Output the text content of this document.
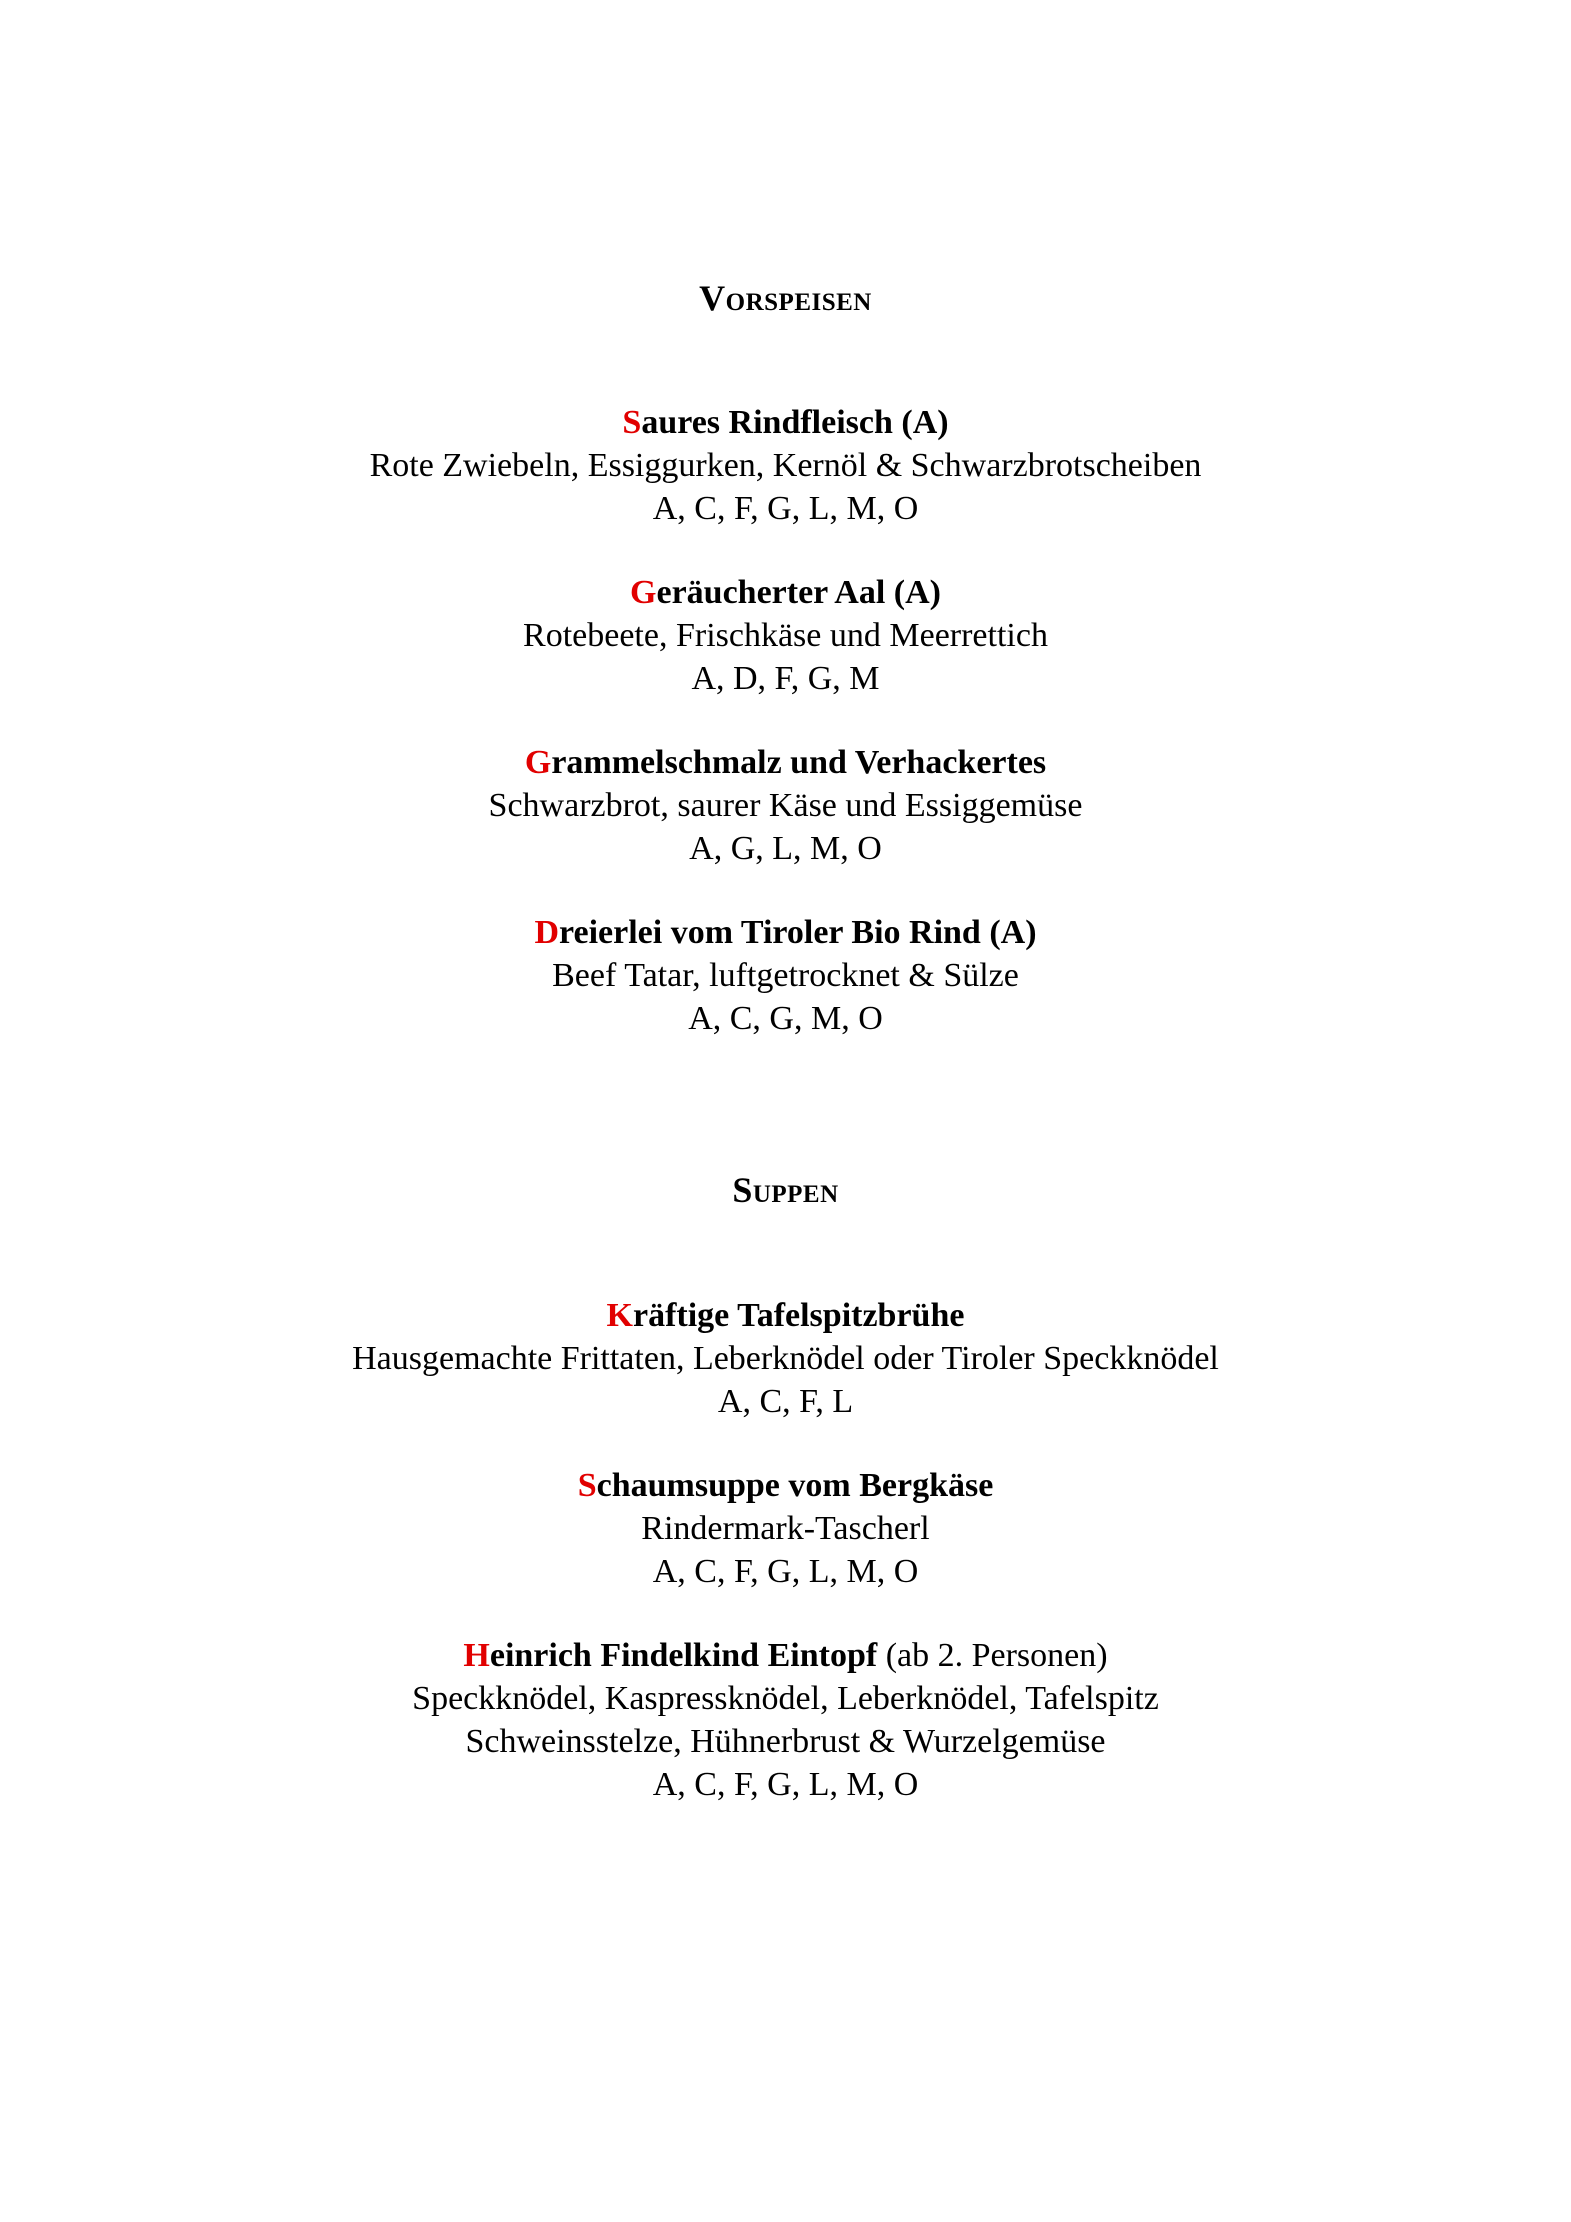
Vorspeisen
Saures Rindfleisch (A)
Rote Zwiebeln, Essiggurken, Kernöl & Schwarzbrotscheiben
A, C, F, G, L, M, O
Geräucherter Aal (A)
Rotebeete, Frischkäse und Meerrettich
A, D, F, G, M
Grammelschmalz und Verhackertes
Schwarzbrot, saurer Käse und Essiggemüse
A, G, L, M, O
Dreierlei vom Tiroler Bio Rind (A)
Beef Tatar, luftgetrocknet & Sülze
A, C, G, M, O
Suppen
Kräftige Tafelspitzbrühe
Hausgemachte Frittaten, Leberknödel oder Tiroler Speckknödel
A, C, F, L
Schaumsuppe vom Bergkäse
Rindermark-Tascherl
A, C, F, G, L, M, O
Heinrich Findelkind Eintopf (ab 2. Personen)
Speckknödel, Kaspressknödel, Leberknödel, Tafelspitz
Schweinsstelze, Hühnerbrust & Wurzelgemüse
A, C, F, G, L, M, O
